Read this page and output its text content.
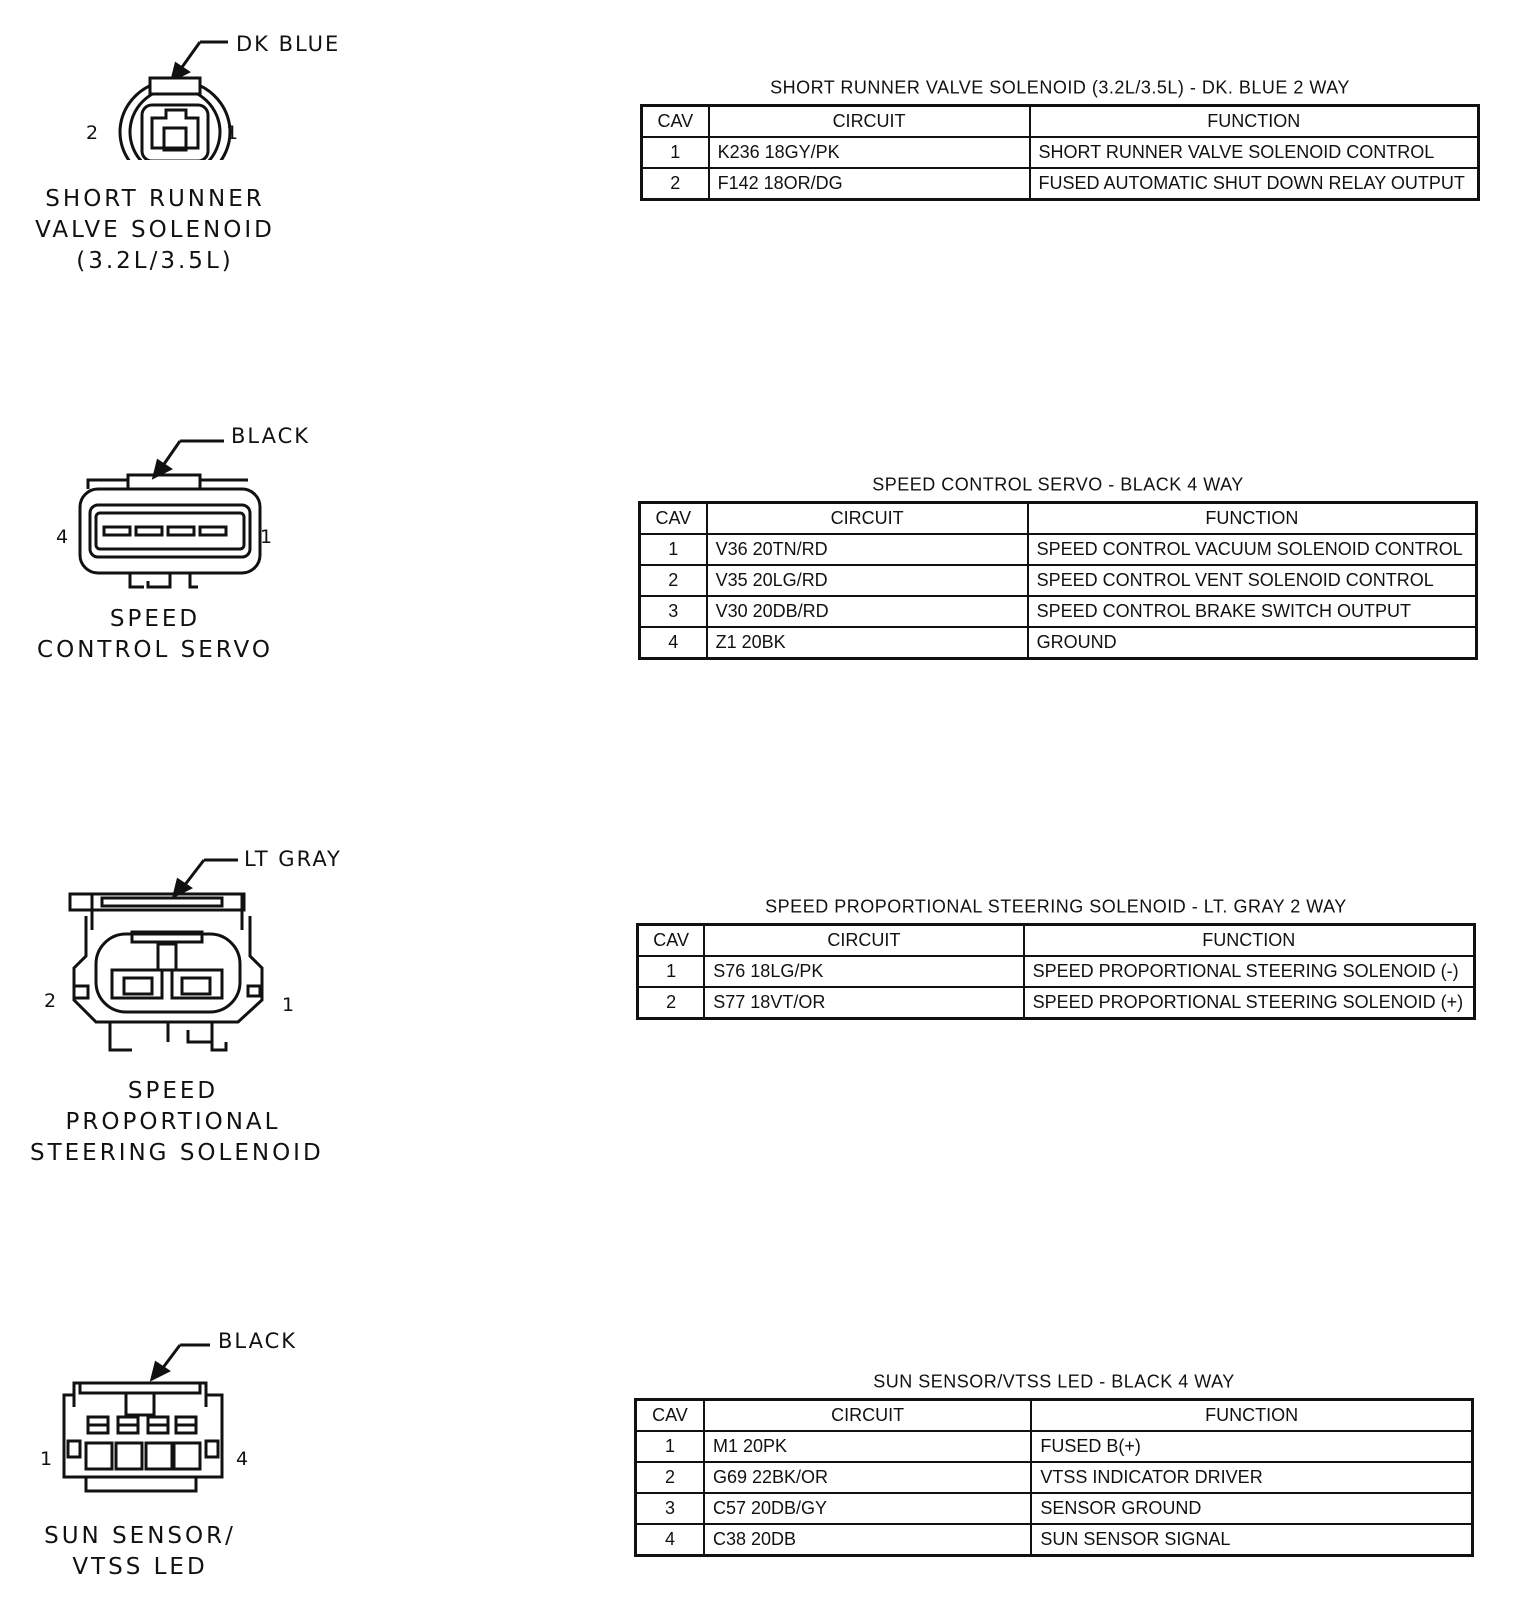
DK BLUE
2	1
SHORT RUNNER
VALVE SOLENOID
(3.2L/3.5L)
SHORT RUNNER VALVE SOLENOID (3.2L/3.5L) - DK. BLUE 2 WAY
CAV	CIRCUIT	FUNCTION
1	K236 18GY/PK	SHORT RUNNER VALVE SOLENOID CONTROL
2	F142 18OR/DG	FUSED AUTOMATIC SHUT DOWN RELAY OUTPUT
BLACK
4	1
SPEED
CONTROL SERVO
SPEED CONTROL SERVO - BLACK 4 WAY
CAV	CIRCUIT	FUNCTION
1	V36 20TN/RD	SPEED CONTROL VACUUM SOLENOID CONTROL
2	V35 20LG/RD	SPEED CONTROL VENT SOLENOID CONTROL
3	V30 20DB/RD	SPEED CONTROL BRAKE SWITCH OUTPUT
4	Z1 20BK	GROUND
LT GRAY
2	1
SPEED
PROPORTIONAL
STEERING SOLENOID
SPEED PROPORTIONAL STEERING SOLENOID - LT. GRAY 2 WAY
CAV	CIRCUIT	FUNCTION
1	S76 18LG/PK	SPEED PROPORTIONAL STEERING SOLENOID (-)
2	S77 18VT/OR	SPEED PROPORTIONAL STEERING SOLENOID (+)
BLACK
1	4
SUN SENSOR/
VTSS LED
SUN SENSOR/VTSS LED - BLACK 4 WAY
CAV	CIRCUIT	FUNCTION
1	M1 20PK	FUSED B(+)
2	G69 22BK/OR	VTSS INDICATOR DRIVER
3	C57 20DB/GY	SENSOR GROUND
4	C38 20DB	SUN SENSOR SIGNAL
